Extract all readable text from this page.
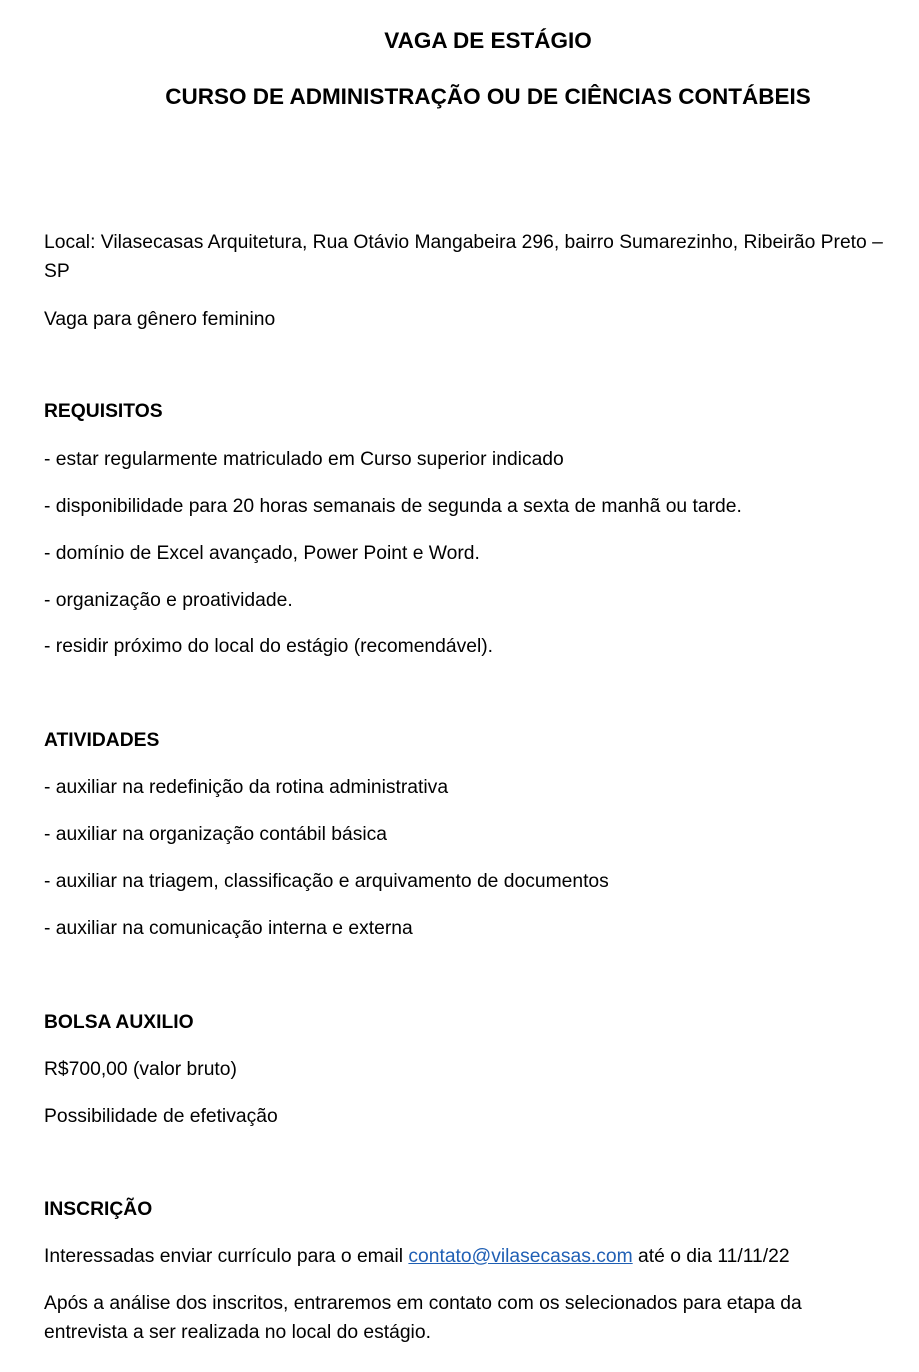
VAGA DE ESTÁGIO
CURSO DE ADMINISTRAÇÃO OU DE CIÊNCIAS CONTÁBEIS

Local: Vilasecasas Arquitetura, Rua Otávio Mangabeira 296, bairro Sumarezinho, Ribeirão Preto – SP

Vaga para gênero feminino

REQUISITOS

- estar regularmente matriculado em Curso superior indicado

- disponibilidade para 20 horas semanais de segunda a sexta de manhã ou tarde.

- domínio de Excel avançado, Power Point e Word.

- organização e proatividade.

- residir próximo do local do estágio (recomendável).

ATIVIDADES

- auxiliar na redefinição da rotina administrativa

- auxiliar na organização contábil básica

- auxiliar na triagem, classificação e arquivamento de documentos

- auxiliar na comunicação interna e externa

BOLSA AUXILIO

R$700,00 (valor bruto)

Possibilidade de efetivação

INSCRIÇÃO

Interessadas enviar currículo para o email contato@vilasecasas.com até o dia 11/11/22

Após a análise dos inscritos, entraremos em contato com os selecionados para etapa da entrevista a ser realizada no local do estágio.
